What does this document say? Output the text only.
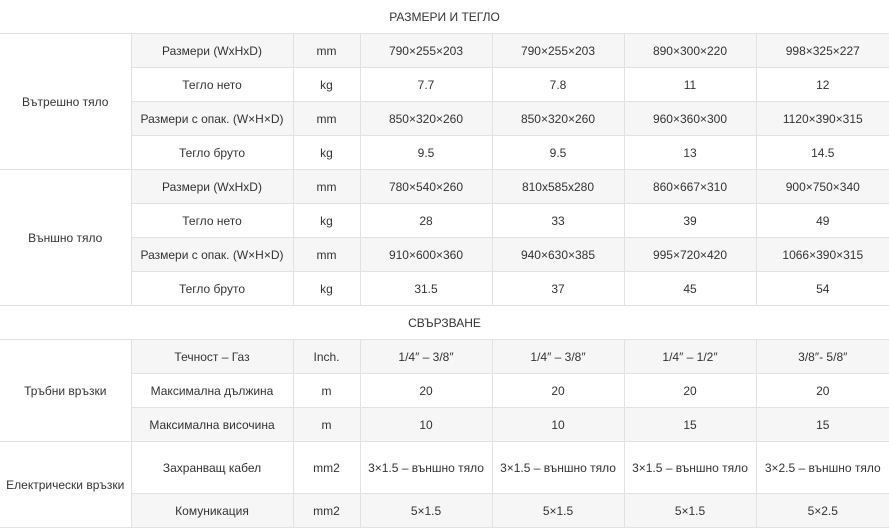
РАЗМЕРИ И ТЕГЛО						
Вътрешно тяло	Размери (WxHxD)	mm	790×255×203	790×255×203	890×300×220	998×325×227
	Тегло нето	kg	7.7	7.8	11	12
	Размери с опак. (W×H×D)	mm	850×320×260	850×320×260	960×360×300	1120×390×315
	Тегло бруто	kg	9.5	9.5	13	14.5
Външно тяло	Размери (WxHxD)	mm	780×540×260	810x585x280	860×667×310	900×750×340
	Тегло нето	kg	28	33	39	49
	Размери с опак. (W×H×D)	mm	910×600×360	940×630×385	995×720×420	1066×390×315
	Тегло бруто	kg	31.5	37	45	54
СВЪРЗВАНЕ						
Тръбни връзки	Течност – Газ	Inch.	1/4″ – 3/8″	1/4″ – 3/8″	1/4″ – 1/2″	3/8″- 5/8″
	Максимална дължина	m	20	20	20	20
	Максимална височина	m	10	10	15	15
Електрически връзки	Захранващ кабел	mm2	3×1.5 – външно тяло	3×1.5 – външно тяло	3×1.5 – външно тяло	3×2.5 – външно тяло
	Комуникация	mm2	5×1.5	5×1.5	5×1.5	5×2.5
